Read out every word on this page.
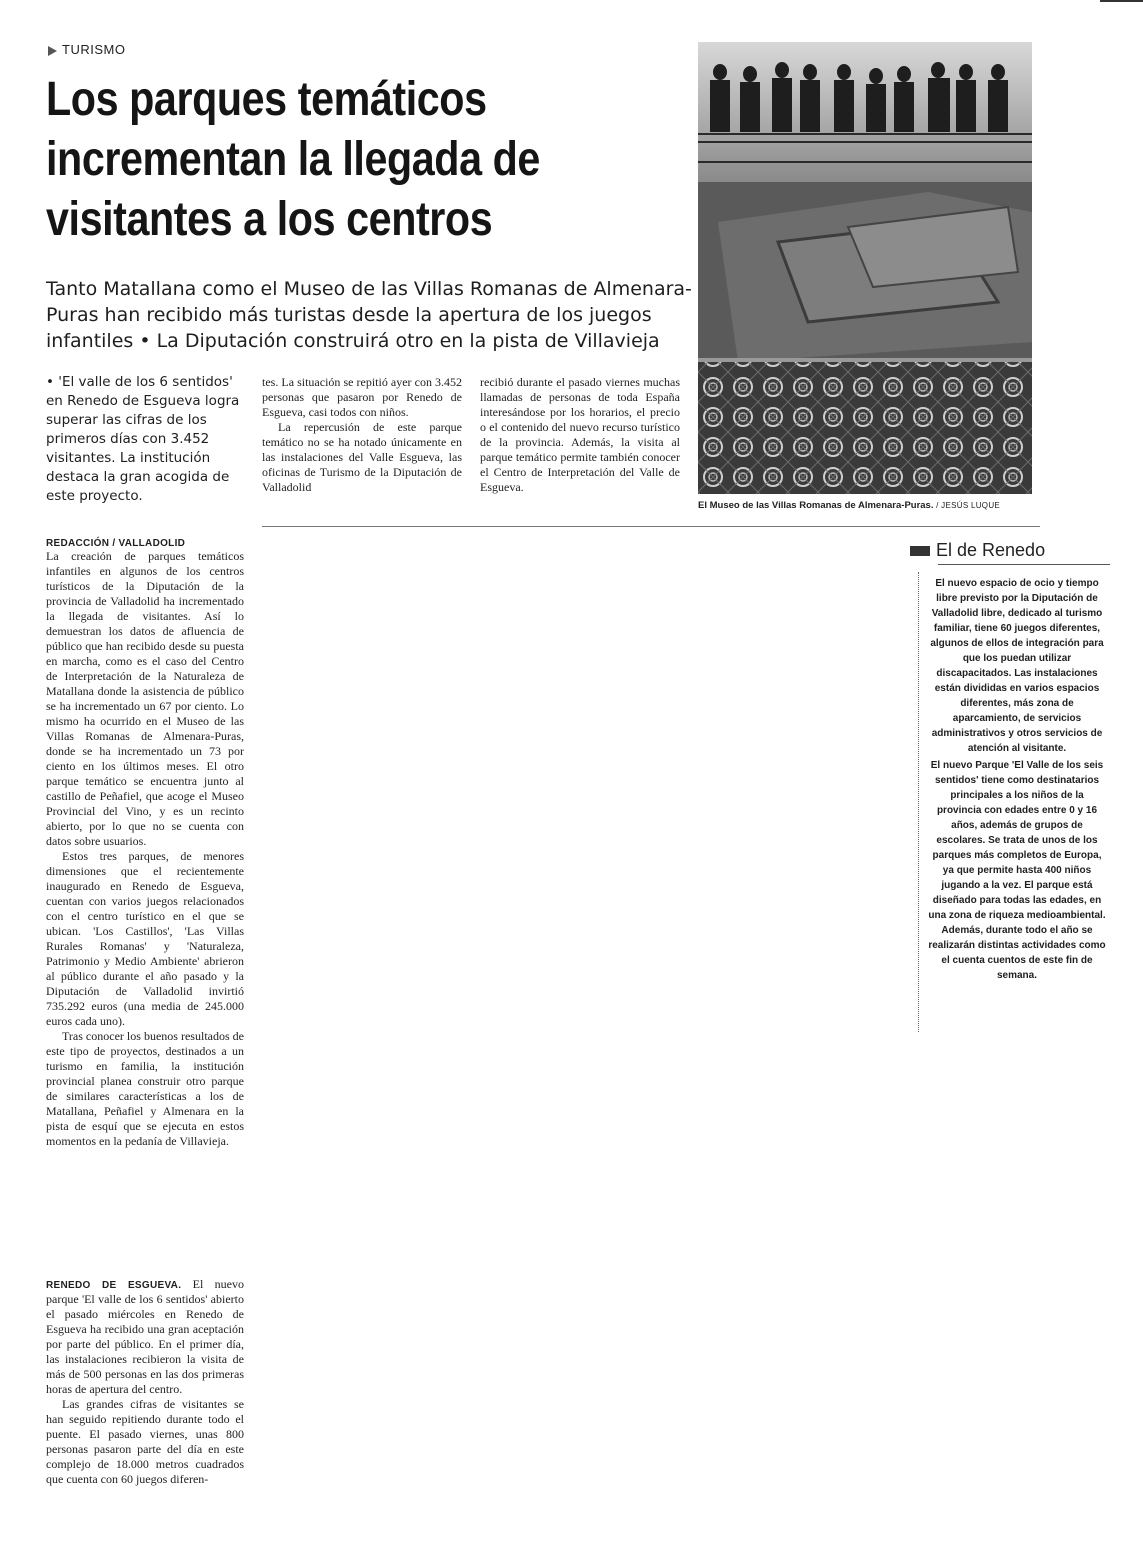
TURISMO
Los parques temáticos incrementan la llegada de visitantes a los centros

Tanto Matallana como el Museo de las Villas Romanas de Almenara-Puras han recibido más turistas desde la apertura de los juegos infantiles • La Diputación construirá otro en la pista de Villavieja

El Museo de las Villas Romanas de Almenara-Puras. / JESÚS LUQUE
• 'El valle de los 6 sentidos' en Renedo de Esgueva logra superar las cifras de los primeros días con 3.452 visitantes. La institución destaca la gran acogida de este proyecto.

tes. La situación se repitió ayer con 3.452 personas que pasaron por Renedo de Esgueva, casi todos con niños.

La repercusión de este parque temático no se ha notado únicamente en las instalaciones del Valle Esgueva, las oficinas de Turismo de la Diputación de Valladolid

recibió durante el pasado viernes muchas llamadas de personas de toda España interesándose por los horarios, el precio o el contenido del nuevo recurso turístico de la provincia. Además, la visita al parque temático permite también conocer el Centro de Interpretación del Valle de Esgueva.

REDACCIÓN / VALLADOLID

La creación de parques temáticos infantiles en algunos de los centros turísticos de la Diputación de la provincia de Valladolid ha incrementado la llegada de visitantes. Así lo demuestran los datos de afluencia de público que han recibido desde su puesta en marcha, como es el caso del Centro de Interpretación de la Naturaleza de Matallana donde la asistencia de público se ha incrementado un 67 por ciento. Lo mismo ha ocurrido en el Museo de las Villas Romanas de Almenara-Puras, donde se ha incrementado un 73 por ciento en los últimos meses. El otro parque temático se encuentra junto al castillo de Peñafiel, que acoge el Museo Provincial del Vino, y es un recinto abierto, por lo que no se cuenta con datos sobre usuarios.

Estos tres parques, de menores dimensiones que el recientemente inaugurado en Renedo de Esgueva, cuentan con varios juegos relacionados con el centro turístico en el que se ubican. 'Los Castillos', 'Las Villas Rurales Romanas' y 'Naturaleza, Patrimonio y Medio Ambiente' abrieron al público durante el año pasado y la Diputación de Valladolid invirtió 735.292 euros (una media de 245.000 euros cada uno).

Tras conocer los buenos resultados de este tipo de proyectos, destinados a un turismo en familia, la institución provincial planea construir otro parque de similares características a los de Matallana, Peñafiel y Almenara en la pista de esquí que se ejecuta en estos momentos en la pedanía de Villavieja.

RENEDO DE ESGUEVA. El nuevo parque 'El valle de los 6 sentidos' abierto el pasado miércoles en Renedo de Esgueva ha recibido una gran aceptación por parte del público. En el primer día, las instalaciones recibieron la visita de más de 500 personas en las dos primeras horas de apertura del centro.

Las grandes cifras de visitantes se han seguido repitiendo durante todo el puente. El pasado viernes, unas 800 personas pasaron parte del día en este complejo de 18.000 metros cuadrados que cuenta con 60 juegos diferen-

El de Renedo

El nuevo espacio de ocio y tiempo libre previsto por la Diputación de Valladolid libre, dedicado al turismo familiar, tiene 60 juegos diferentes, algunos de ellos de integración para que los puedan utilizar discapacitados. Las instalaciones están divididas en varios espacios diferentes, más zona de aparcamiento, de servicios administrativos y otros servicios de atención al visitante.

El nuevo Parque 'El Valle de los seis sentidos' tiene como destinatarios principales a los niños de la provincia con edades entre 0 y 16 años, además de grupos de escolares. Se trata de unos de los parques más completos de Europa, ya que permite hasta 400 niños jugando a la vez. El parque está diseñado para todas las edades, en una zona de riqueza medioambiental. Además, durante todo el año se realizarán distintas actividades como el cuenta cuentos de este fin de semana.
